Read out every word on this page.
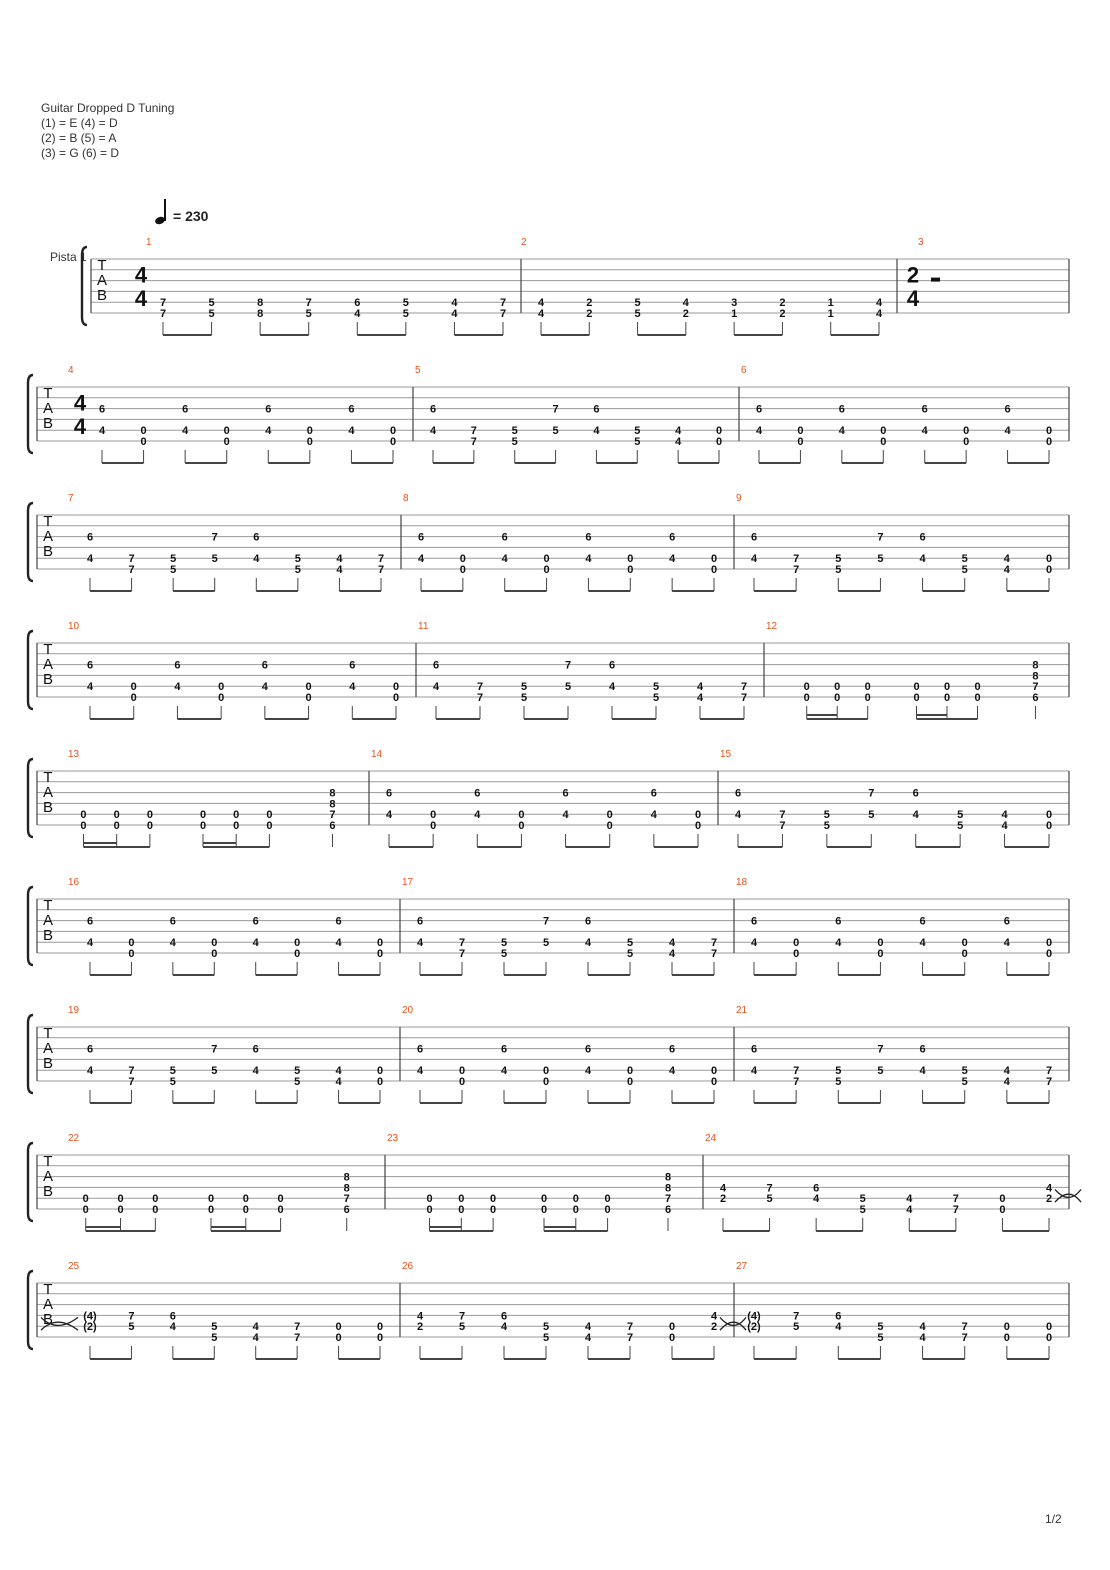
Guitar Dropped D Tuning
(1) = E (4) = D
(2) = B (5) = A
(3) = G (6) = D
= 230
Pista 1 T
A
B
1
4
4 7
7
5
5
8
8
7
5
6
4
5
5
4
4
7
7
2
4
4
2
2
5
5
4
2
3
1
2
2
1
1
4
4
3
2
4
T
A
B
4
4
4
6
4	0
0
6
4	0
0
6
4	0
0
6
4	0
0
5
6
4	7
7
5
5
7
5
6
4	5
5
4
4
0
0
6
6
4	0
0
6
4	0
0
6
4	0
0
6
4	0
0
T
A
B
7
6
4	7
7
5
5
7
5
6
4	5
5
4
4
7
7
8
6
4	0
0
6
4	0
0
6
4	0
0
6
4	0
0
9
6
4	7
7
5
5
7
5
6
4	5
5
4
4
0
0
T
A
B
10
6
4	0
0
6
4	0
0
6
4	0
0
6
4	0
0
11
6
4	7
7
5
5
7
5
6
4	5
5
4
4
7
7
12
0
0
0
0
0
0
0
0
0
0
0
0
8
8
7
6
T
A
B
13
0
0
0
0
0
0
0
0
0
0
0
0
8
8
7
6
14
6
4	0
0
6
4	0
0
6
4	0
0
6
4	0
0
15
6
4	7
7
5
5
7
5
6
4	5
5
4
4
0
0
T
A
B
16
6
4	0
0
6
4	0
0
6
4	0
0
6
4	0
0
17
6
4	7
7
5
5
7
5
6
4	5
5
4
4
7
7
18
6
4	0
0
6
4	0
0
6
4	0
0
6
4	0
0
T
A
B
19
6
4	7
7
5
5
7
5
6
4	5
5
4
4
0
0
20
6
4	0
0
6
4	0
0
6
4	0
0
6
4	0
0
21
6
4	7
7
5
5
7
5
6
4	5
5
4
4
7
7
T
A
B
22
0
0
0
0
0
0
0
0
0
0
0
0
8
8
7
6
23
0
0
0
0
0
0
0
0
0
0
0
0
8
8
7
6
24
4
2
7
5
6
4	5
5
4
4
7
7
0
0
4
2
T
A
B
25
(4)
(2)
7
5
6
4	5
5
4
4
7
7
0
0
0
0
26
4
2
7
5
6
4	5
5
4
4
7
7
0
0
4
2
27
(4)
(2)
7
5
6
4	5
5
4
4
7
7
0
0
0
0
1/2
